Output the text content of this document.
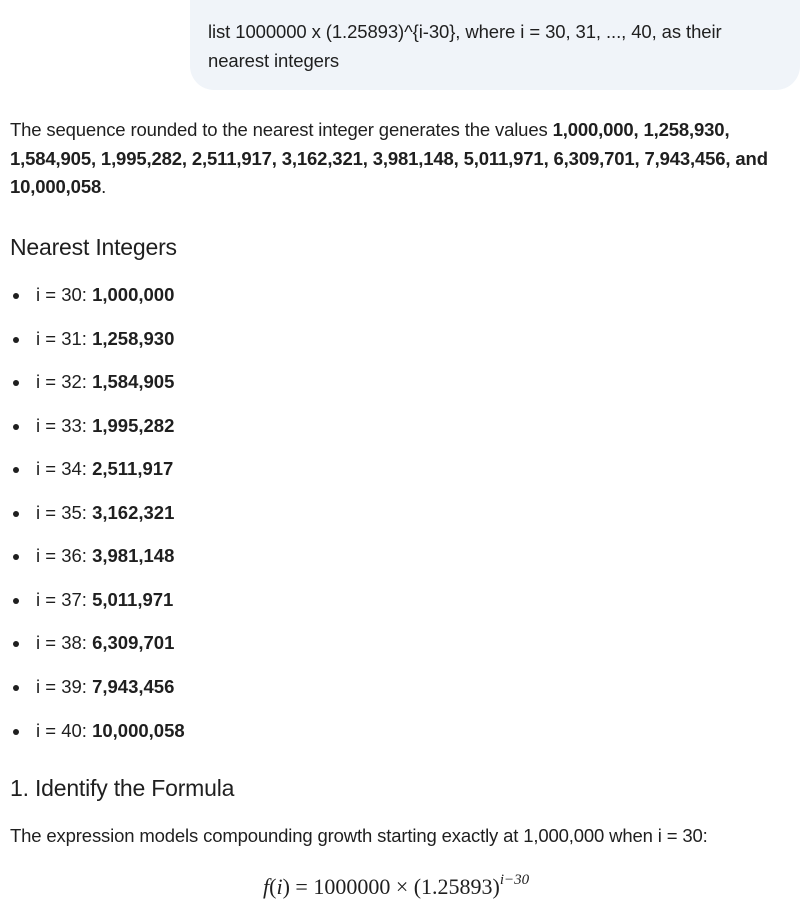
list 1000000 x (1.25893)^{i-30}, where i = 30, 31, ..., 40, as their nearest integers

The sequence rounded to the nearest integer generates the values 1,000,000, 1,258,930, 1,584,905, 1,995,282, 2,511,917, 3,162,321, 3,981,148, 5,011,971, 6,309,701, 7,943,456, and 10,000,058.

Nearest Integers
i = 30: 1,000,000
i = 31: 1,258,930
i = 32: 1,584,905
i = 33: 1,995,282
i = 34: 2,511,917
i = 35: 3,162,321
i = 36: 3,981,148
i = 37: 5,011,971
i = 38: 6,309,701
i = 39: 7,943,456
i = 40: 10,000,058
1. Identify the Formula

The expression models compounding growth starting exactly at 1,000,000 when i = 30:

$f(i) = 1000000 \times (1.25893)^{i-30}$
